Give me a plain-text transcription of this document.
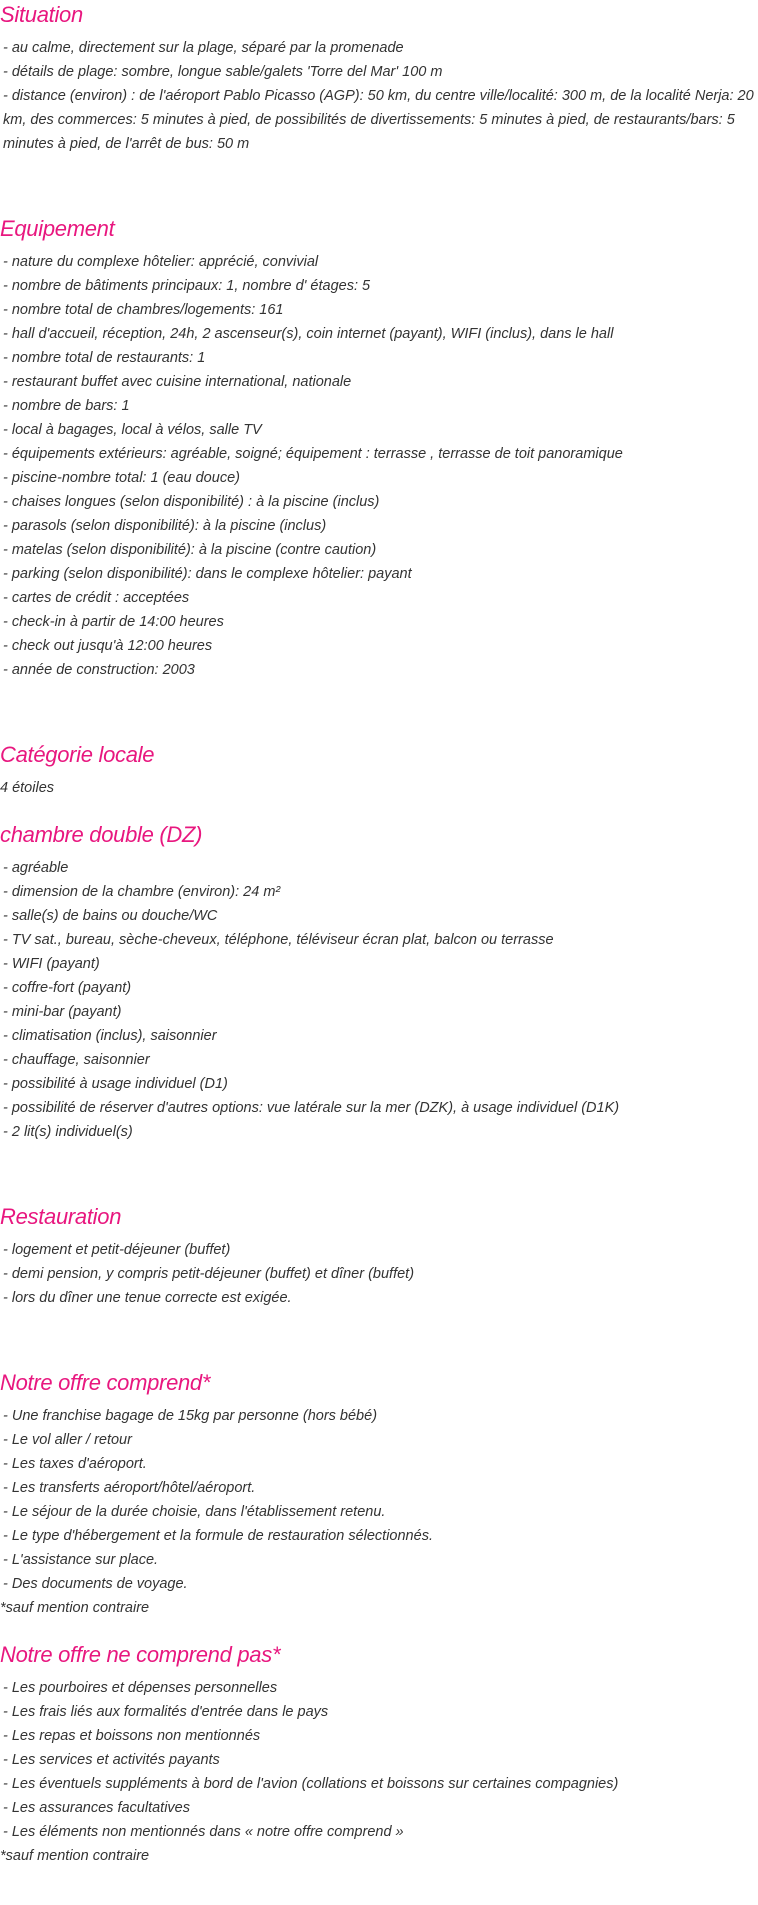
Situation

- au calme, directement sur la plage, séparé par la promenade

- détails de plage: sombre, longue sable/galets 'Torre del Mar' 100 m

- distance (environ) : de l'aéroport Pablo Picasso (AGP): 50 km, du centre ville/localité: 300 m, de la localité Nerja: 20 km, des commerces: 5 minutes à pied, de possibilités de divertissements: 5 minutes à pied, de restaurants/bars: 5 minutes à pied, de l'arrêt de bus: 50 m

Equipement

- nature du complexe hôtelier: apprécié, convivial

- nombre de bâtiments principaux: 1, nombre d' étages: 5

- nombre total de chambres/logements: 161

- hall d'accueil, réception, 24h, 2 ascenseur(s), coin internet (payant), WIFI (inclus), dans le hall

- nombre total de restaurants: 1

- restaurant buffet avec cuisine international, nationale

- nombre de bars: 1

- local à bagages, local à vélos, salle TV

- équipements extérieurs: agréable, soigné; équipement : terrasse , terrasse de toit panoramique

- piscine-nombre total: 1 (eau douce)

- chaises longues (selon disponibilité) : à la piscine (inclus)

- parasols (selon disponibilité): à la piscine (inclus)

- matelas (selon disponibilité): à la piscine (contre caution)

- parking (selon disponibilité): dans le complexe hôtelier: payant

- cartes de crédit : acceptées

- check-in à partir de 14:00 heures

- check out jusqu'à 12:00 heures

- année de construction: 2003

Catégorie locale

4 étoiles

chambre double (DZ)

- agréable

- dimension de la chambre (environ): 24 m²

- salle(s) de bains ou douche/WC

- TV sat., bureau, sèche-cheveux, téléphone, téléviseur écran plat, balcon ou terrasse

- WIFI (payant)

- coffre-fort (payant)

- mini-bar (payant)

- climatisation (inclus), saisonnier

- chauffage, saisonnier

- possibilité à usage individuel (D1)

- possibilité de réserver d'autres options: vue latérale sur la mer (DZK), à usage individuel (D1K)

- 2 lit(s) individuel(s)

Restauration

- logement et petit-déjeuner (buffet)

- demi pension, y compris petit-déjeuner (buffet) et dîner (buffet)

- lors du dîner une tenue correcte est exigée.

Notre offre comprend*

- Une franchise bagage de 15kg par personne (hors bébé)

- Le vol aller / retour

- Les taxes d'aéroport.

- Les transferts aéroport/hôtel/aéroport.

- Le séjour de la durée choisie, dans l'établissement retenu.

- Le type d'hébergement et la formule de restauration sélectionnés.

- L'assistance sur place.

- Des documents de voyage.

*sauf mention contraire

Notre offre ne comprend pas*

- Les pourboires et dépenses personnelles

- Les frais liés aux formalités d'entrée dans le pays

- Les repas et boissons non mentionnés

- Les services et activités payants

- Les éventuels suppléments à bord de l'avion (collations et boissons sur certaines compagnies)

- Les assurances facultatives

- Les éléments non mentionnés dans « notre offre comprend »

*sauf mention contraire
